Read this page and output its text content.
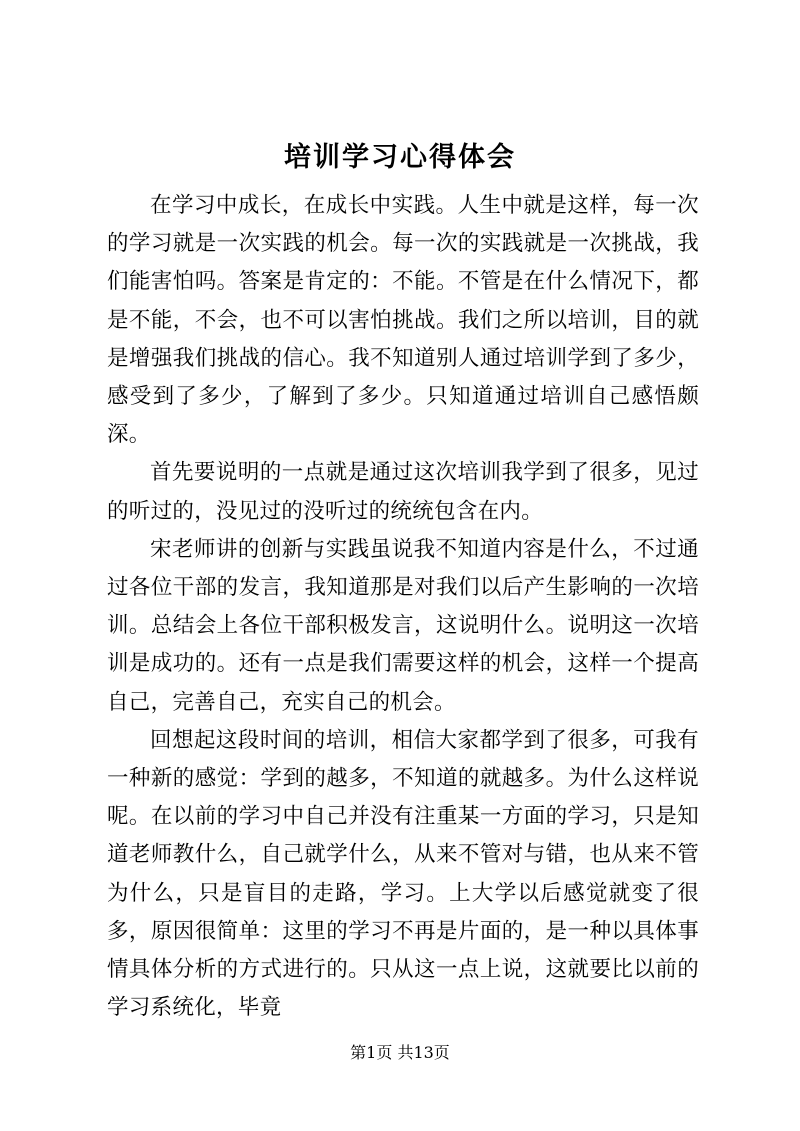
培训学习心得体会

在学习中成长，在成长中实践。人生中就是这样，每一次的学习就是一次实践的机会。每一次的实践就是一次挑战，我们能害怕吗。答案是肯定的：不能。不管是在什么情况下，都是不能，不会，也不可以害怕挑战。我们之所以培训，目的就是增强我们挑战的信心。我不知道别人通过培训学到了多少，感受到了多少，了解到了多少。只知道通过培训自己感悟颇深。

首先要说明的一点就是通过这次培训我学到了很多，见过的听过的，没见过的没听过的统统包含在内。

宋老师讲的创新与实践虽说我不知道内容是什么，不过通过各位干部的发言，我知道那是对我们以后产生影响的一次培训。总结会上各位干部积极发言，这说明什么。说明这一次培训是成功的。还有一点是我们需要这样的机会，这样一个提高自己，完善自己，充实自己的机会。

回想起这段时间的培训，相信大家都学到了很多，可我有一种新的感觉：学到的越多，不知道的就越多。为什么这样说呢。在以前的学习中自己并没有注重某一方面的学习，只是知道老师教什么，自己就学什么，从来不管对与错，也从来不管为什么，只是盲目的走路，学习。上大学以后感觉就变了很多，原因很简单：这里的学习不再是片面的，是一种以具体事情具体分析的方式进行的。只从这一点上说，这就要比以前的学习系统化，毕竟

第1页 共13页
